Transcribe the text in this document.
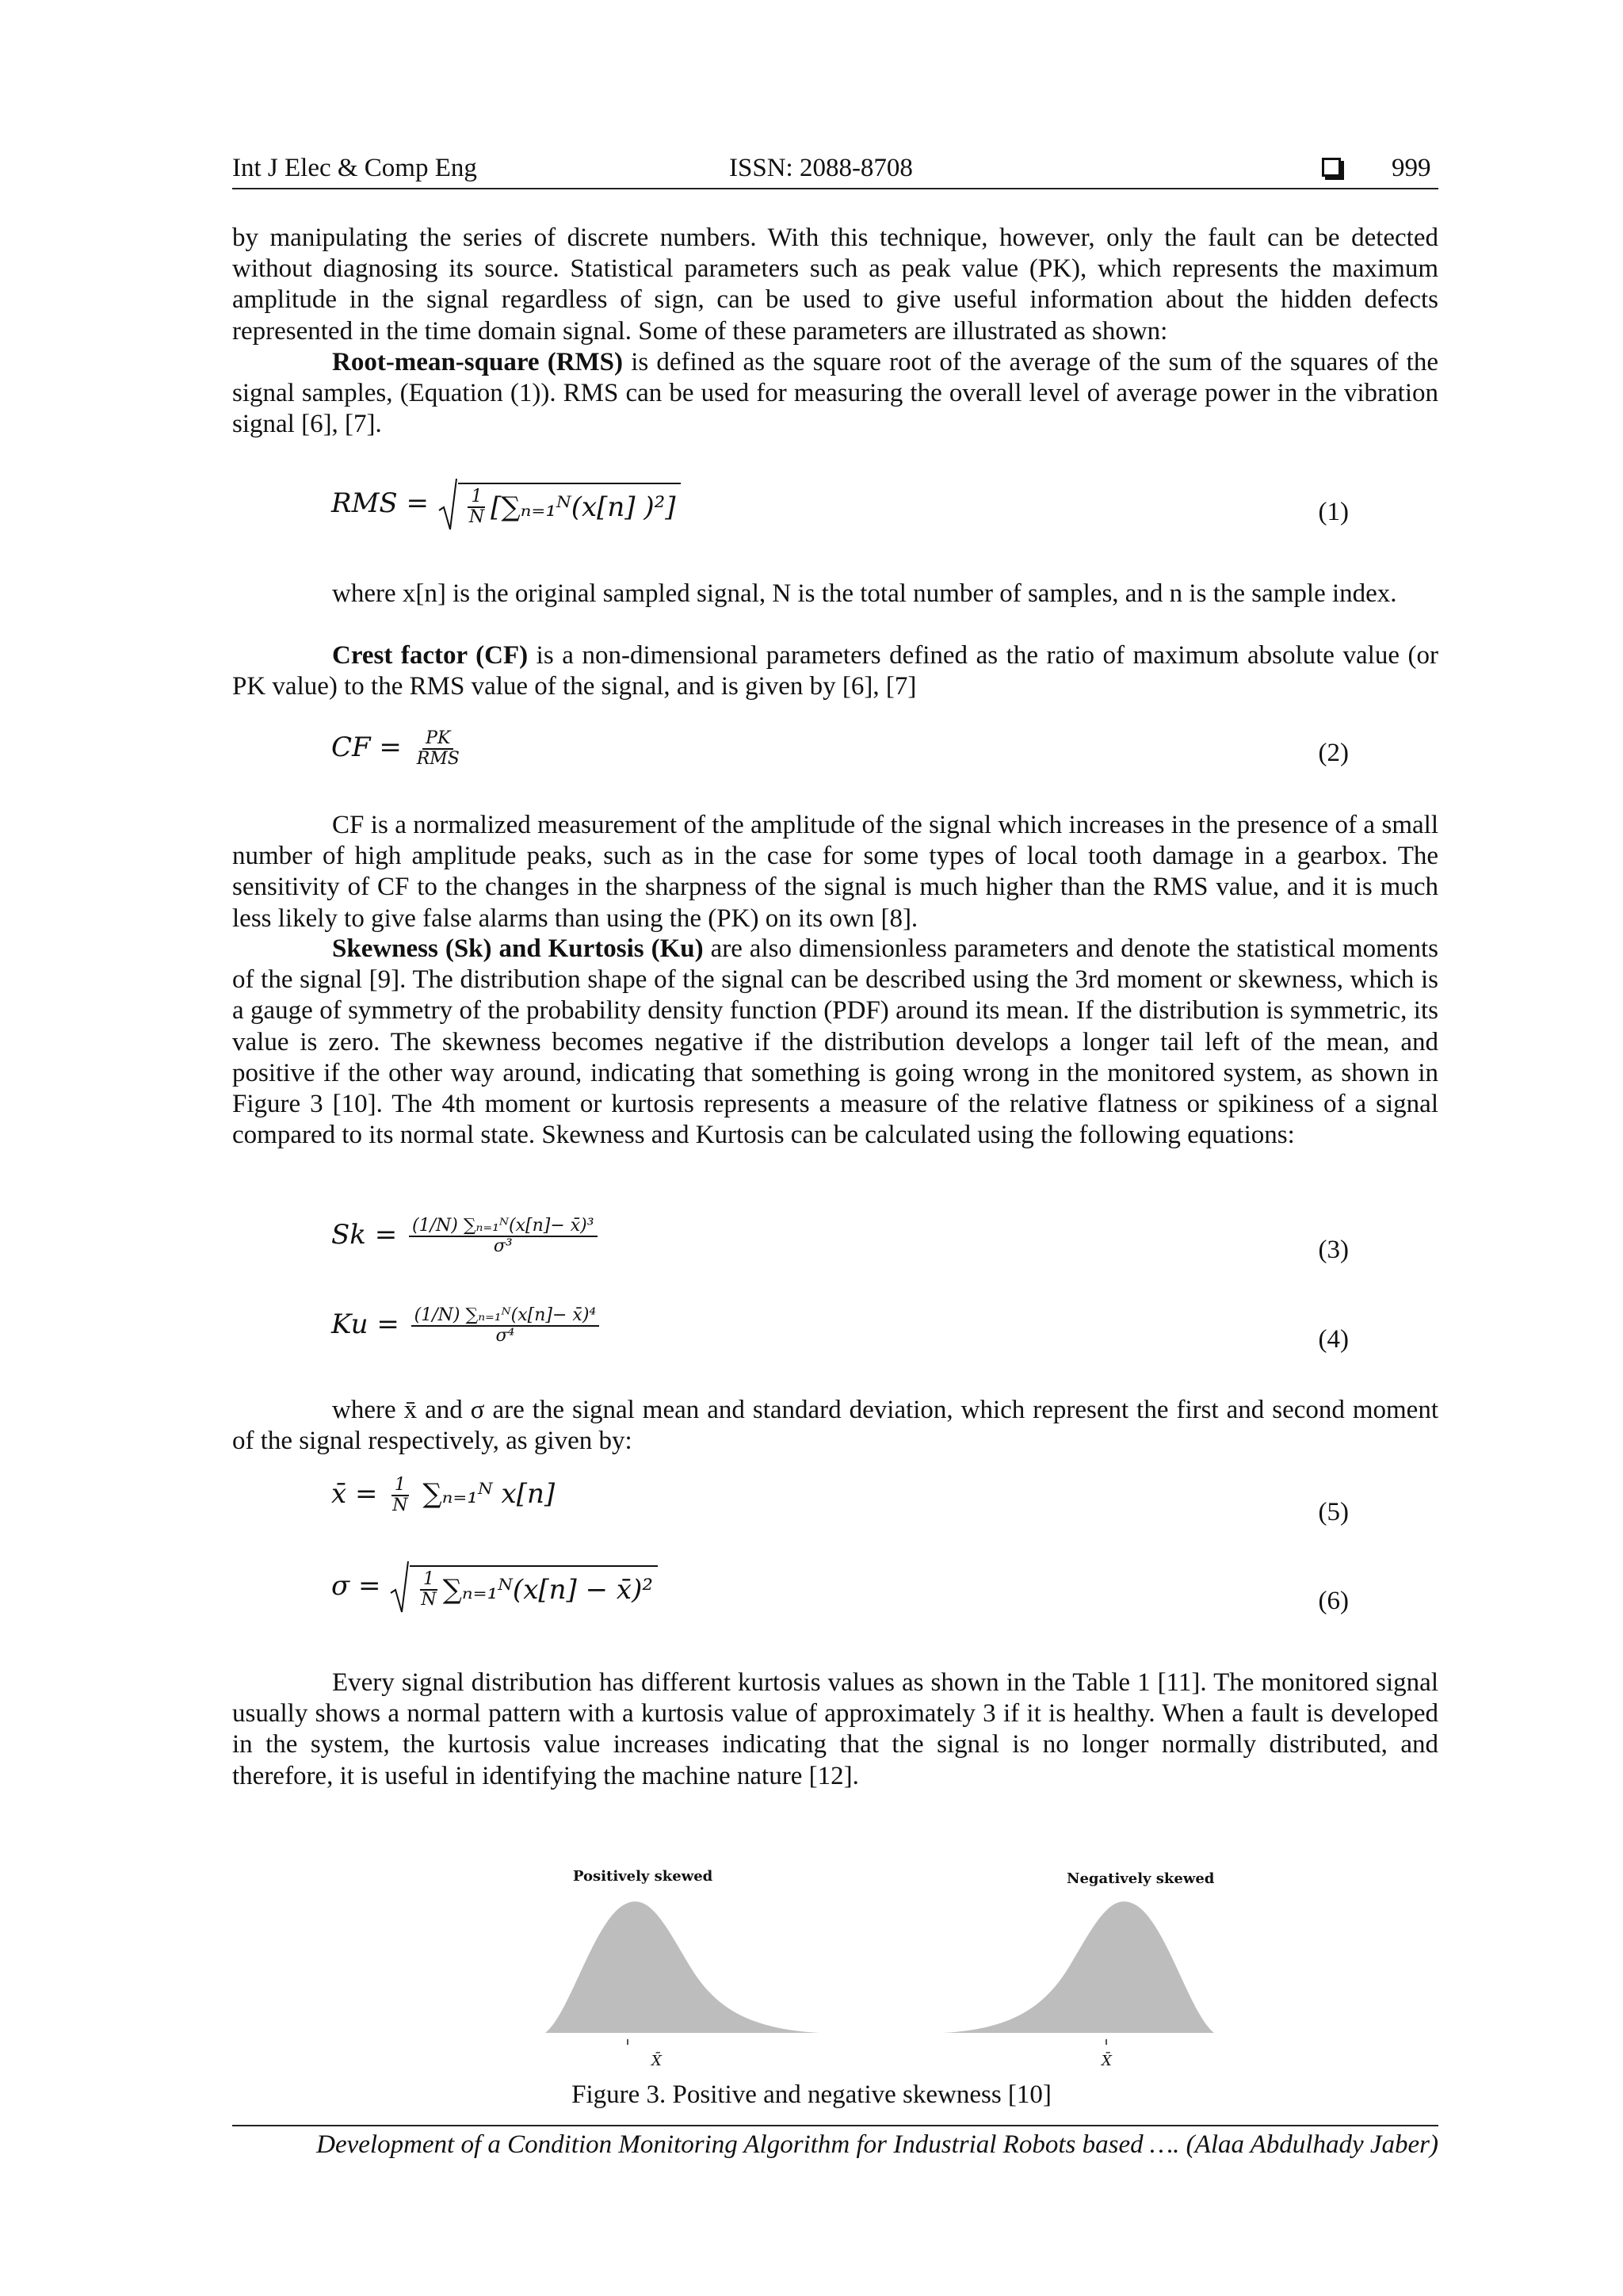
Int J Elec & Comp Eng	ISSN: 2088-8708	999

by manipulating the series of discrete numbers. With this technique, however, only the fault can be detected without diagnosing its source. Statistical parameters such as peak value (PK), which represents the maximum amplitude in the signal regardless of sign, can be used to give useful information about the hidden defects represented in the time domain signal. Some of these parameters are illustrated as shown:

Root-mean-square (RMS) is defined as the square root of the average of the sum of the squares of the signal samples, (Equation (1)). RMS can be used for measuring the overall level of average power in the vibration signal [6], [7].

RMS = $\frac{1}{N}$ [∑ₙ₌₁ᴺ(x[n] )²]	(1)

where x[n] is the original sampled signal, N is the total number of samples, and n is the sample index.

Crest factor (CF) is a non-dimensional parameters defined as the ratio of maximum absolute value (or PK value) to the RMS value of the signal, and is given by [6], [7]

CF = $\frac{PK}{\text{RMS}}$	(2)

CF is a normalized measurement of the amplitude of the signal which increases in the presence of a small number of high amplitude peaks, such as in the case for some types of local tooth damage in a gearbox. The sensitivity of CF to the changes in the sharpness of the signal is much higher than the RMS value, and it is much less likely to give false alarms than using the (PK) on its own [8].

Skewness (Sk) and Kurtosis (Ku) are also dimensionless parameters and denote the statistical moments of the signal [9]. The distribution shape of the signal can be described using the 3rd moment or skewness, which is a gauge of symmetry of the probability density function (PDF) around its mean. If the distribution is symmetric, its value is zero. The skewness becomes negative if the distribution develops a longer tail left of the mean, and positive if the other way around, indicating that something is going wrong in the monitored system, as shown in Figure 3 [10]. The 4th moment or kurtosis represents a measure of the relative flatness or spikiness of a signal compared to its normal state. Skewness and Kurtosis can be calculated using the following equations:

$Sk = \frac{\text{(1/N) ∑ₙ₌₁ᴺ(x[n]− x̄)³}}{\text{σ³}}$	(3)
$Ku = \frac{\text{(1/N) ∑ₙ₌₁ᴺ(x[n]− x̄)⁴}}{\text{σ⁴}}$	(4)

where x̄ and σ are the signal mean and standard deviation, which represent the first and second moment of the signal respectively, as given by:

x̄ = $\frac{1}{N}$ ∑ₙ₌₁ᴺ x[n]
(5)
$\sigma = \frac{1}{N}$ ∑ₙ₌₁ᴺ(x[n] − x̄)²	(6)

Every signal distribution has different kurtosis values as shown in the Table 1 [11]. The monitored signal usually shows a normal pattern with a kurtosis value of approximately 3 if it is healthy. When a fault is developed in the system, the kurtosis value increases indicating that the signal is no longer normally distributed, and therefore, it is useful in identifying the machine nature [12].

Positively skewed	Negatively skewed
X̄	X̄
Figure 3. Positive and negative skewness [10]
Development of a Condition Monitoring Algorithm for Industrial Robots based …. (Alaa Abdulhady Jaber)
